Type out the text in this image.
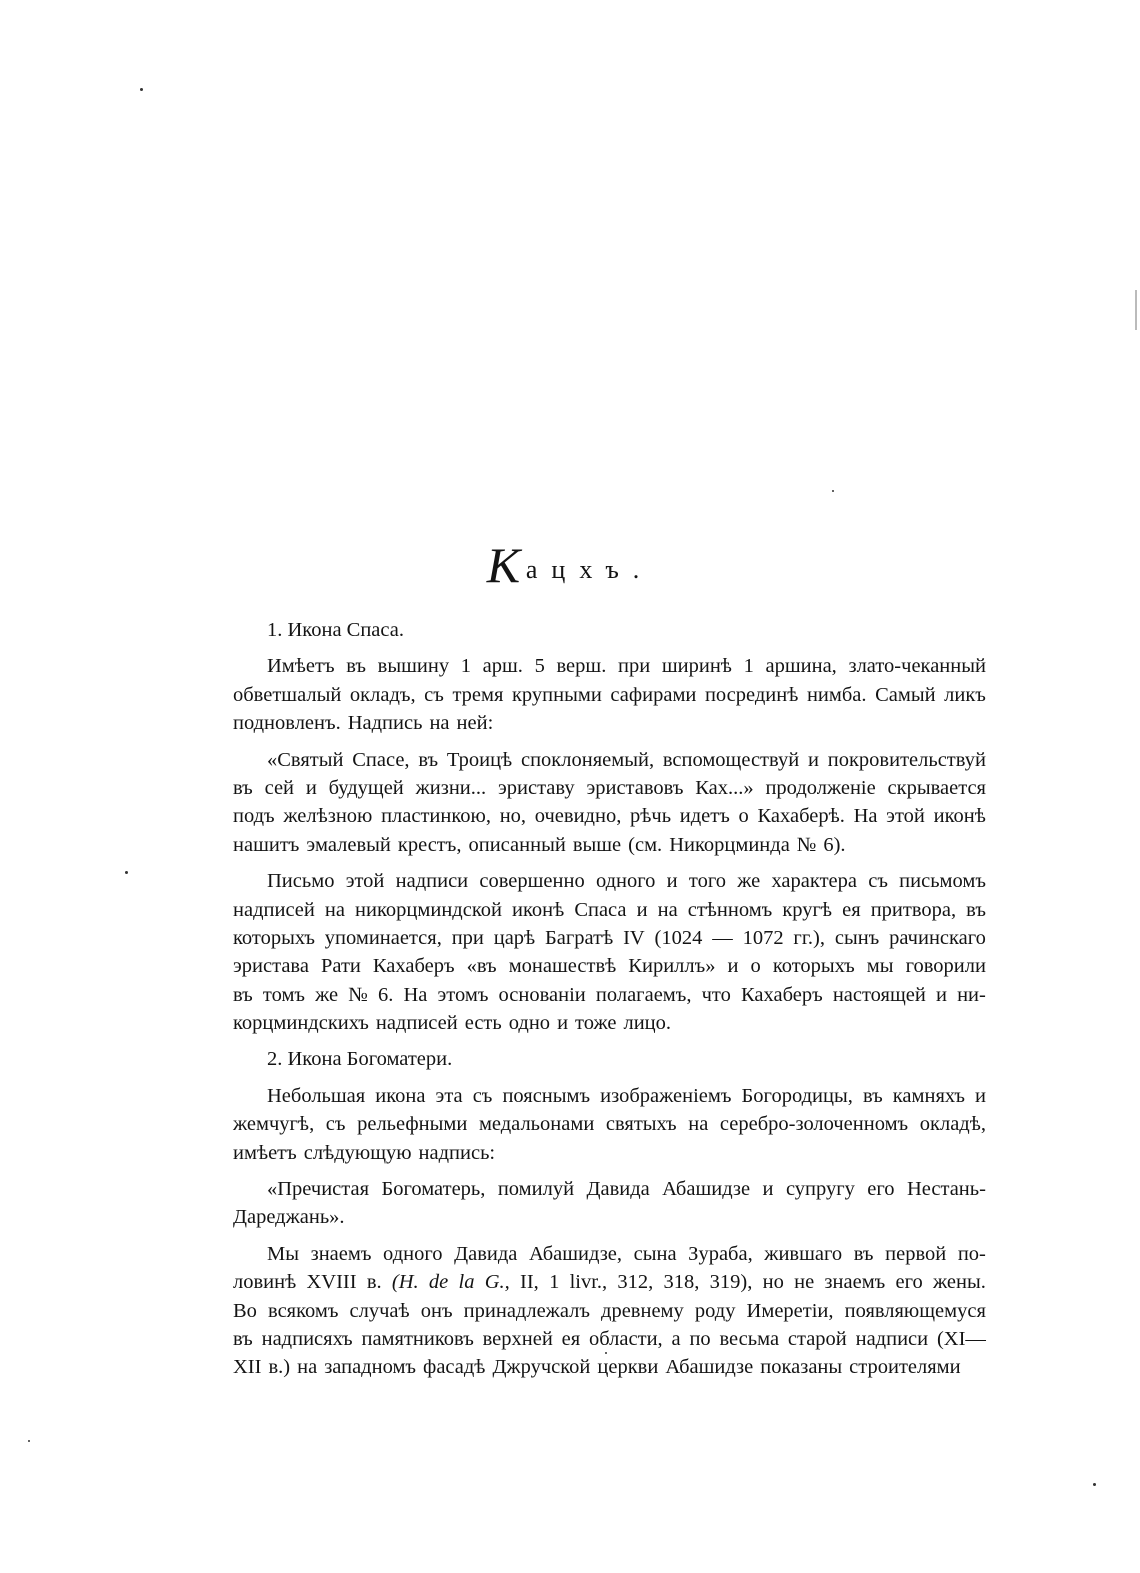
Кацхъ.
1. Икона Спаса.
Имѣетъ въ вышину 1 арш. 5 верш. при ширинѣ 1 аршина, злато-чеканный
обветшалый окладъ, съ тремя крупными сафирами посрединѣ нимба. Самый ликъ
подновленъ. Надпись на ней:
«Святый Спасе, въ Троицѣ споклоняемый, вспомоществуй и покровительствуй
въ сей и будущей жизни... эриставу эриставовъ Ках...» продолженіе скрывается
подъ желѣзною пластинкою, но, очевидно, рѣчь идетъ о Кахаберѣ. На этой иконѣ
нашитъ эмалевый крестъ, описанный выше (см. Никорцминда № 6).
Письмо этой надписи совершенно одного и того же характера съ письмомъ
надписей на никорцминдской иконѣ Спаса и на стѣнномъ кругѣ ея притвора, въ
которыхъ упоминается, при царѣ Багратѣ IV (1024 — 1072 гг.), сынъ рачинскаго
эристава Рати Кахаберъ «въ монашествѣ Кириллъ» и о которыхъ мы говорили
въ томъ же № 6. На этомъ основаніи полагаемъ, что Кахаберъ настоящей и ни-
корцминдскихъ надписей есть одно и тоже лицо.
2. Икона Богоматери.
Небольшая икона эта съ пояснымъ изображеніемъ Богородицы, въ камняхъ и
жемчугѣ, съ рельефными медальонами святыхъ на серебро-золоченномъ окладѣ,
имѣетъ слѣдующую надпись:
«Пречистая Богоматерь, помилуй Давида Абашидзе и супругу его Нестань-
Дареджань».
Мы знаемъ одного Давида Абашидзе, сына Зураба, жившаго въ первой по-
ловинѣ XVIII в. (H. de la G., II, 1 livr., 312, 318, 319), но не знаемъ его жены.
Во всякомъ случаѣ онъ принадлежалъ древнему роду Имеретіи, появляющемуся
въ надписяхъ памятниковъ верхней ея области, а по весьма старой надписи (XI—
XII в.) на западномъ фасадѣ Джручской церкви Абашидзе показаны строителями
